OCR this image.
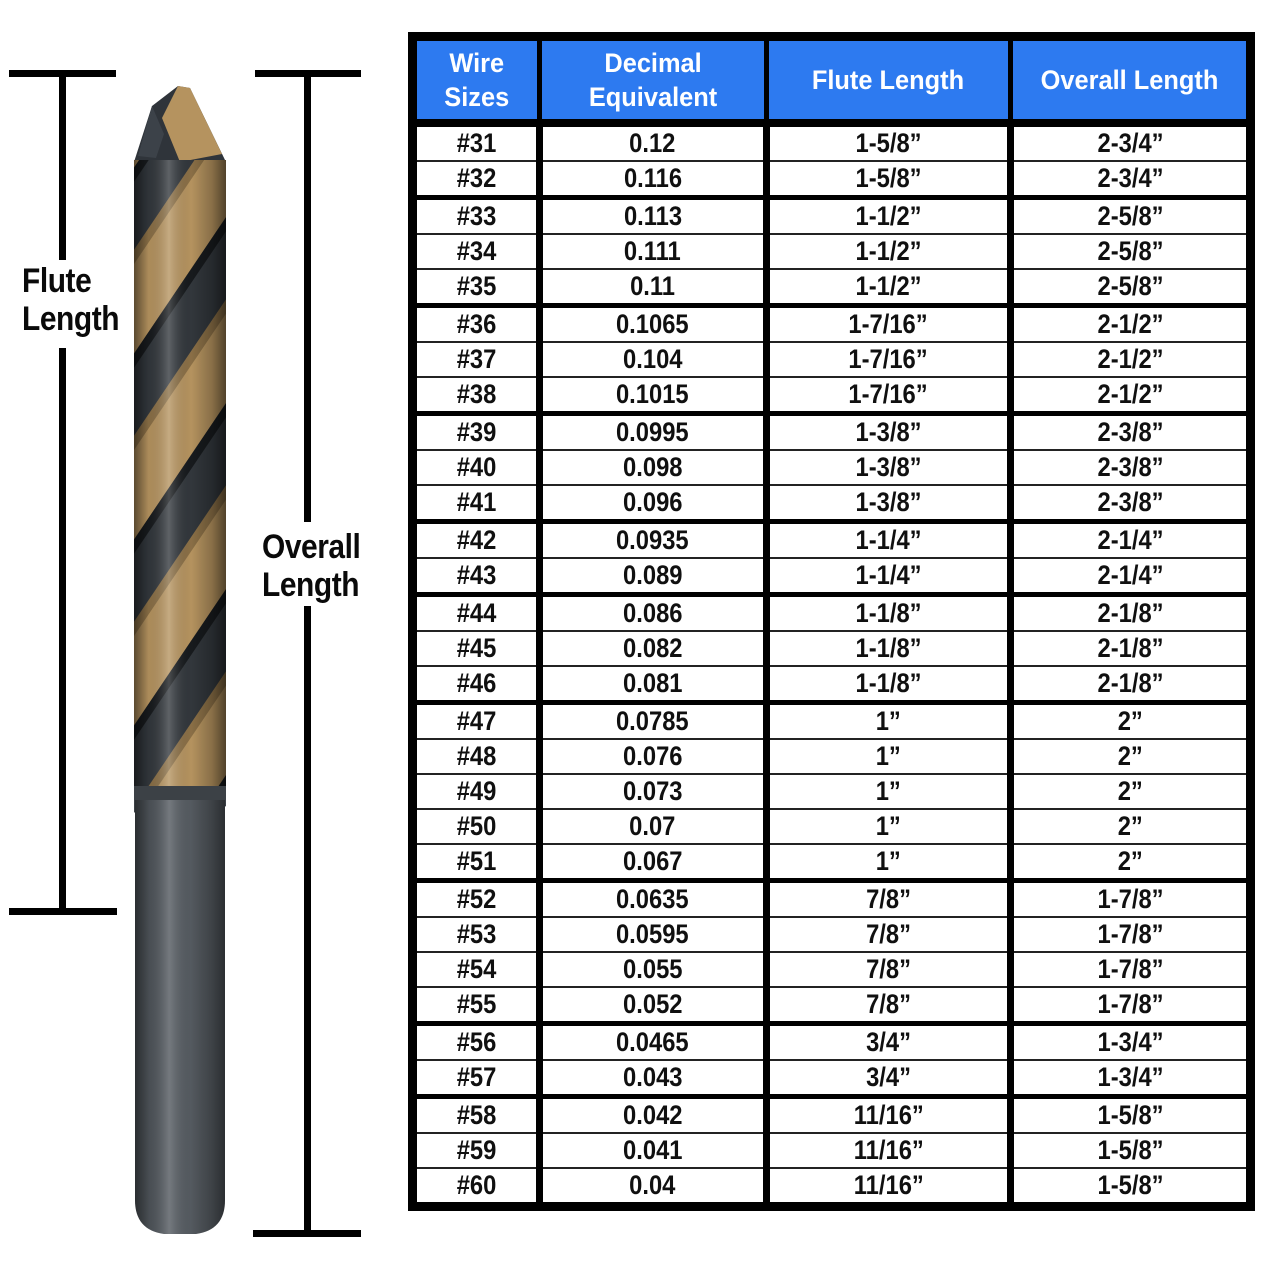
Flute Length
Overall Length
Wire Sizes	Decimal Equivalent	Flute Length	Overall Length
#31	0.12	1-5/8”	2-3/4”
#32	0.116	1-5/8”	2-3/4”
#33	0.113	1-1/2”	2-5/8”
#34	0.111	1-1/2”	2-5/8”
#35	0.11	1-1/2”	2-5/8”
#36	0.1065	1-7/16”	2-1/2”
#37	0.104	1-7/16”	2-1/2”
#38	0.1015	1-7/16”	2-1/2”
#39	0.0995	1-3/8”	2-3/8”
#40	0.098	1-3/8”	2-3/8”
#41	0.096	1-3/8”	2-3/8”
#42	0.0935	1-1/4”	2-1/4”
#43	0.089	1-1/4”	2-1/4”
#44	0.086	1-1/8”	2-1/8”
#45	0.082	1-1/8”	2-1/8”
#46	0.081	1-1/8”	2-1/8”
#47	0.0785	1”	2”
#48	0.076	1”	2”
#49	0.073	1”	2”
#50	0.07	1”	2”
#51	0.067	1”	2”
#52	0.0635	7/8”	1-7/8”
#53	0.0595	7/8”	1-7/8”
#54	0.055	7/8”	1-7/8”
#55	0.052	7/8”	1-7/8”
#56	0.0465	3/4”	1-3/4”
#57	0.043	3/4”	1-3/4”
#58	0.042	11/16”	1-5/8”
#59	0.041	11/16”	1-5/8”
#60	0.04	11/16”	1-5/8”
